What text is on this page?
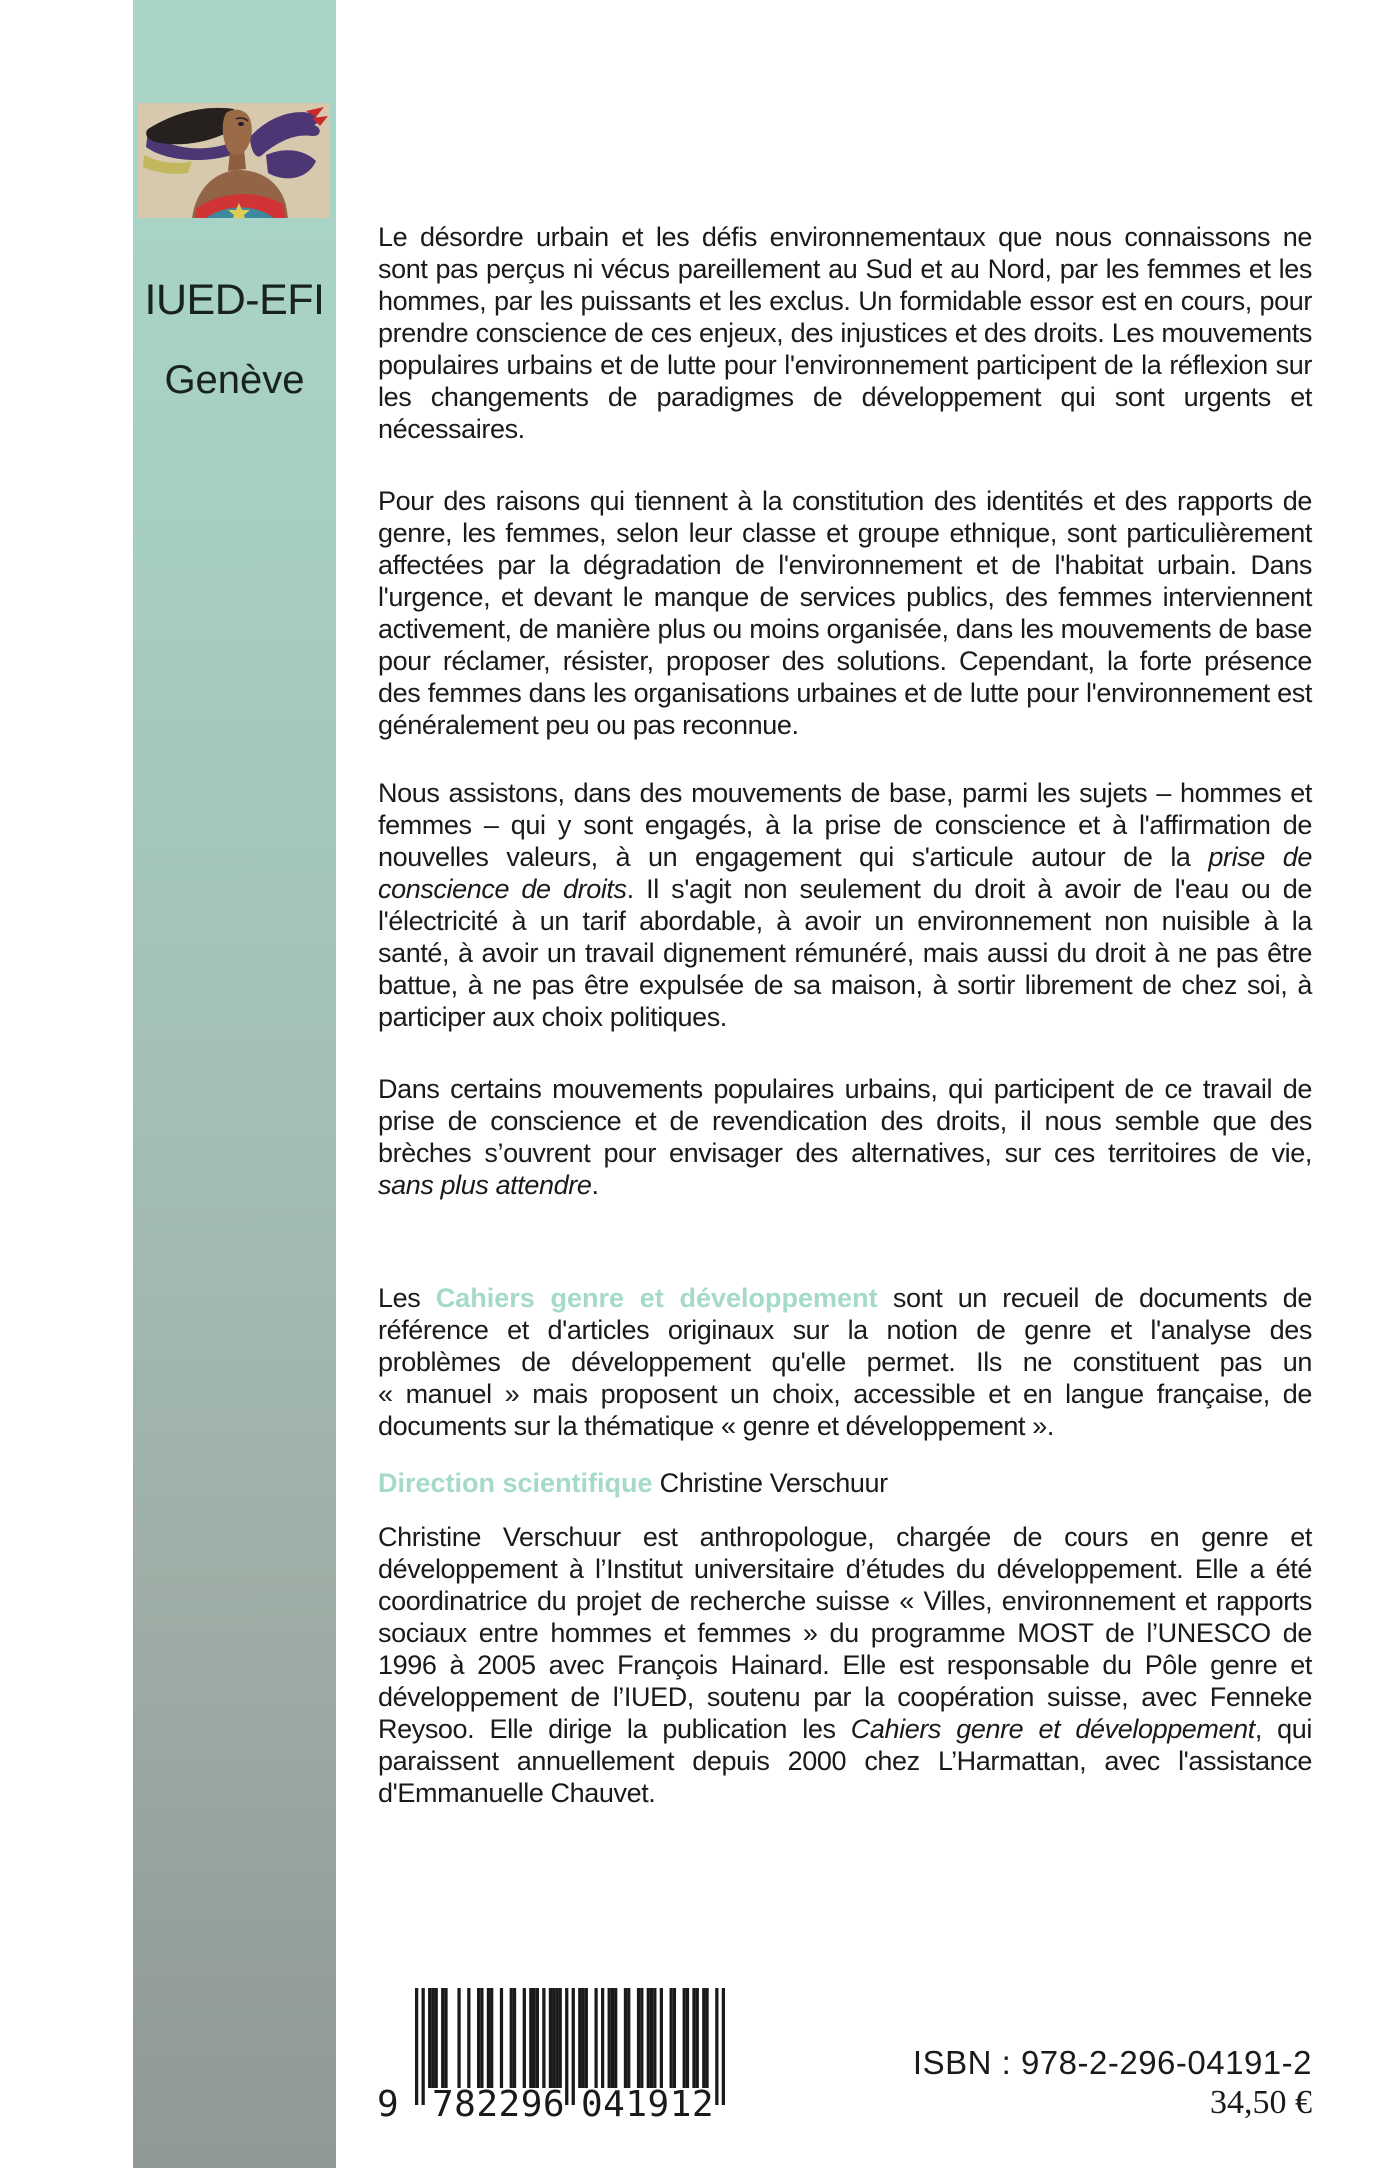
IUED-EFI
Genève

Le désordre urbain et les défis environnementaux que nous connaissons ne sont pas perçus ni vécus pareillement au Sud et au Nord, par les femmes et les hommes, par les puissants et les exclus. Un formidable essor est en cours, pour prendre conscience de ces enjeux, des injustices et des droits. Les mouvements populaires urbains et de lutte pour l'environnement participent de la réflexion sur les changements de paradigmes de développement qui sont urgents et nécessaires.

Pour des raisons qui tiennent à la constitution des identités et des rapports de genre, les femmes, selon leur classe et groupe ethnique, sont particulièrement affectées par la dégradation de l'environnement et de l'habitat urbain. Dans l'urgence, et devant le manque de services publics, des femmes interviennent activement, de manière plus ou moins organisée, dans les mouvements de base pour réclamer, résister, proposer des solutions. Cependant, la forte présence des femmes dans les organisations urbaines et de lutte pour l'environnement est généralement peu ou pas reconnue.

Nous assistons, dans des mouvements de base, parmi les sujets – hommes et femmes – qui y sont engagés, à la prise de conscience et à l'affirmation de nouvelles valeurs, à un engagement qui s'articule autour de la prise de conscience de droits. Il s'agit non seulement du droit à avoir de l'eau ou de l'électricité à un tarif abordable, à avoir un environnement non nuisible à la santé, à avoir un travail dignement rémunéré, mais aussi du droit à ne pas être battue, à ne pas être expulsée de sa maison, à sortir librement de chez soi, à participer aux choix politiques.

Dans certains mouvements populaires urbains, qui participent de ce travail de prise de conscience et de revendication des droits, il nous semble que des brèches s’ouvrent pour envisager des alternatives, sur ces territoires de vie, sans plus attendre.

Les Cahiers genre et développement sont un recueil de documents de référence et d'articles originaux sur la notion de genre et l'analyse des problèmes de développement qu'elle permet. Ils ne constituent pas un « manuel » mais proposent un choix, accessible et en langue française, de documents sur la thématique « genre et développement ».

Direction scientifique Christine Verschuur

Christine Verschuur est anthropologue, chargée de cours en genre et développement à l’Institut universitaire d’études du développement. Elle a été coordinatrice du projet de recherche suisse « Villes, environnement et rapports sociaux entre hommes et femmes » du programme MOST de l’UNESCO de 1996 à 2005 avec François Hainard. Elle est responsable du Pôle genre et développement de l’IUED, soutenu par la coopération suisse, avec Fenneke Reysoo. Elle dirige la publication les Cahiers genre et développement, qui paraissent annuellement depuis 2000 chez L’Harmattan, avec l'assistance d'Emmanuelle Chauvet.

9 782296 041912
ISBN : 978-2-296-04191-2
34,50 €
